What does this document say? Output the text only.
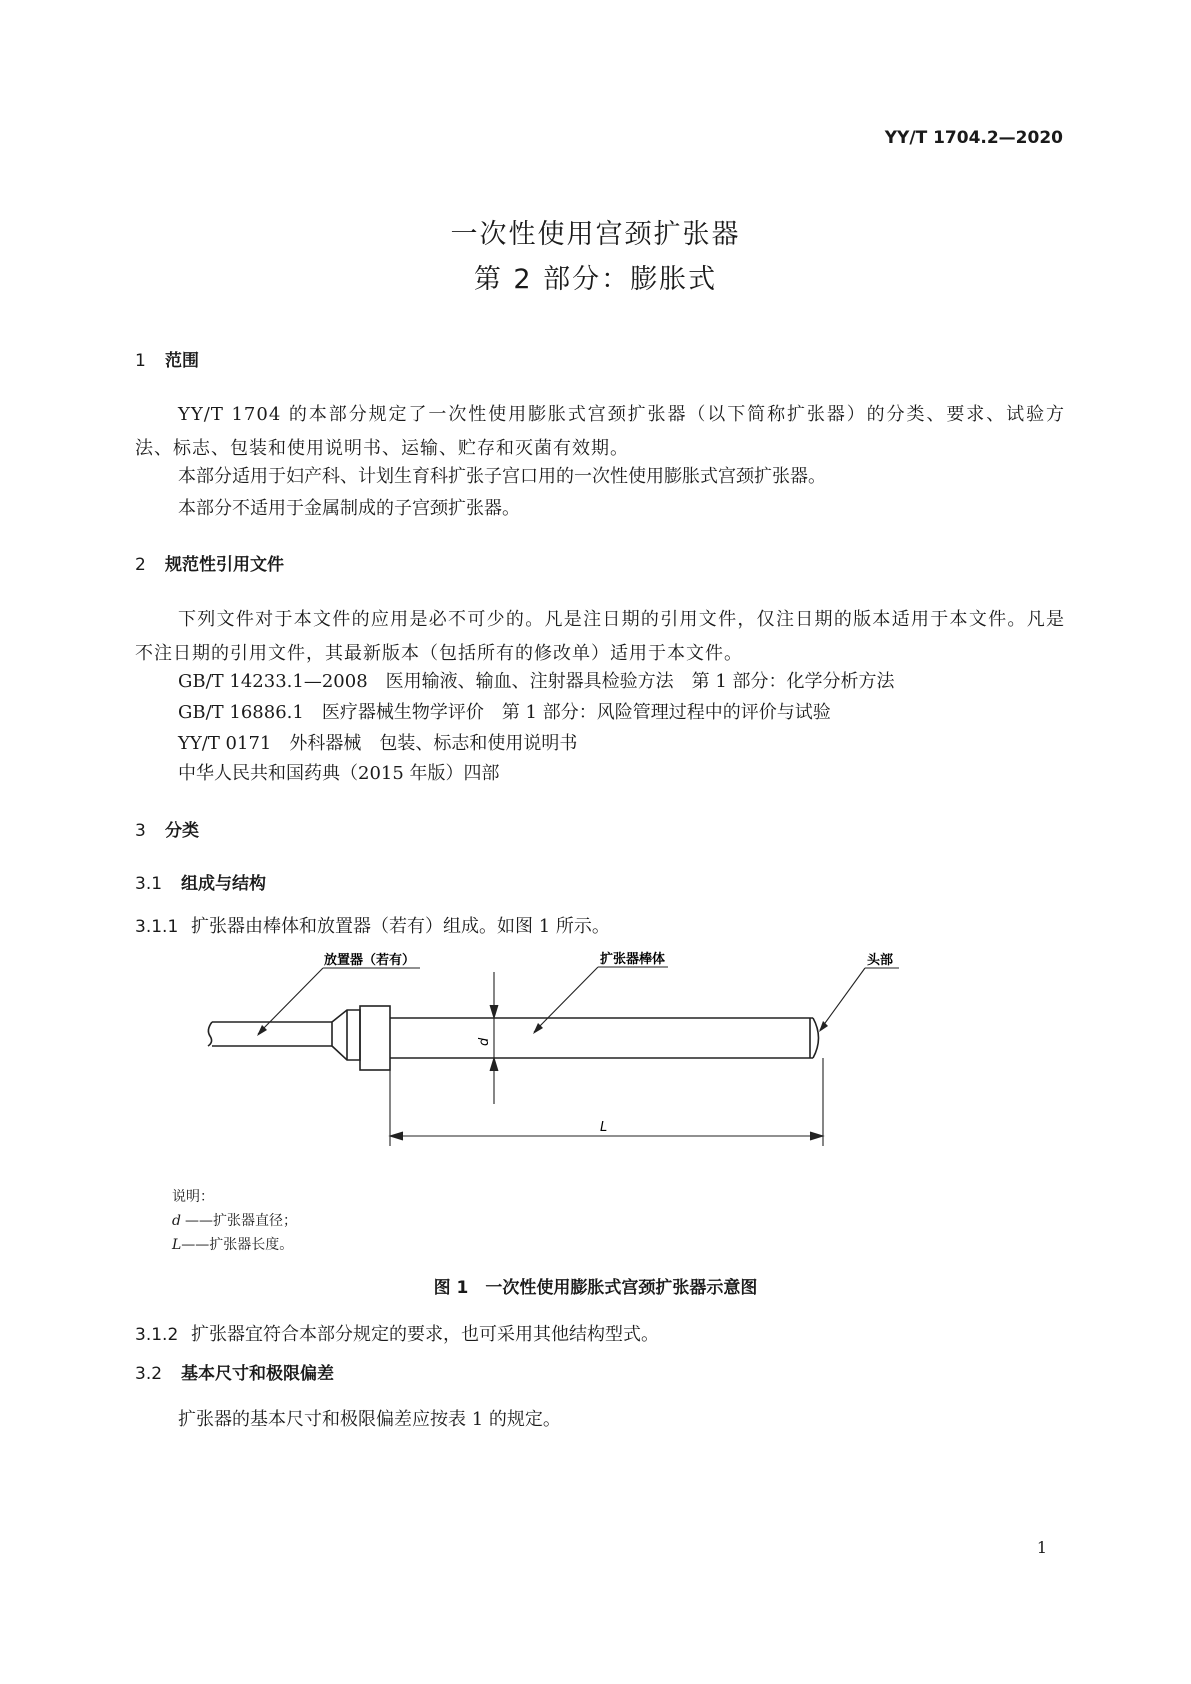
YY/T 1704.2—2020
一次性使用宫颈扩张器
第 2 部分：膨胀式
1 范围
YY/T 1704 的本部分规定了一次性使用膨胀式宫颈扩张器（以下简称扩张器）的分类、要求、试验方法、标志、包装和使用说明书、运输、贮存和灭菌有效期。
本部分适用于妇产科、计划生育科扩张子宫口用的一次性使用膨胀式宫颈扩张器。
本部分不适用于金属制成的子宫颈扩张器。
2 规范性引用文件
下列文件对于本文件的应用是必不可少的。凡是注日期的引用文件，仅注日期的版本适用于本文件。凡是不注日期的引用文件，其最新版本（包括所有的修改单）适用于本文件。
GB/T 14233.1—2008　医用输液、输血、注射器具检验方法　第 1 部分：化学分析方法
GB/T 16886.1　医疗器械生物学评价　第 1 部分：风险管理过程中的评价与试验
YY/T 0171　外科器械　包装、标志和使用说明书
中华人民共和国药典（2015 年版）四部
3 分类
3.1 组成与结构
3.1.1 扩张器由棒体和放置器（若有）组成。如图 1 所示。
放置器（若有）	扩张器棒体	头部
d
L
说明：
d ——扩张器直径；
L——扩张器长度。
图 1　一次性使用膨胀式宫颈扩张器示意图
3.1.2 扩张器宜符合本部分规定的要求，也可采用其他结构型式。
3.2 基本尺寸和极限偏差
扩张器的基本尺寸和极限偏差应按表 1 的规定。
1
